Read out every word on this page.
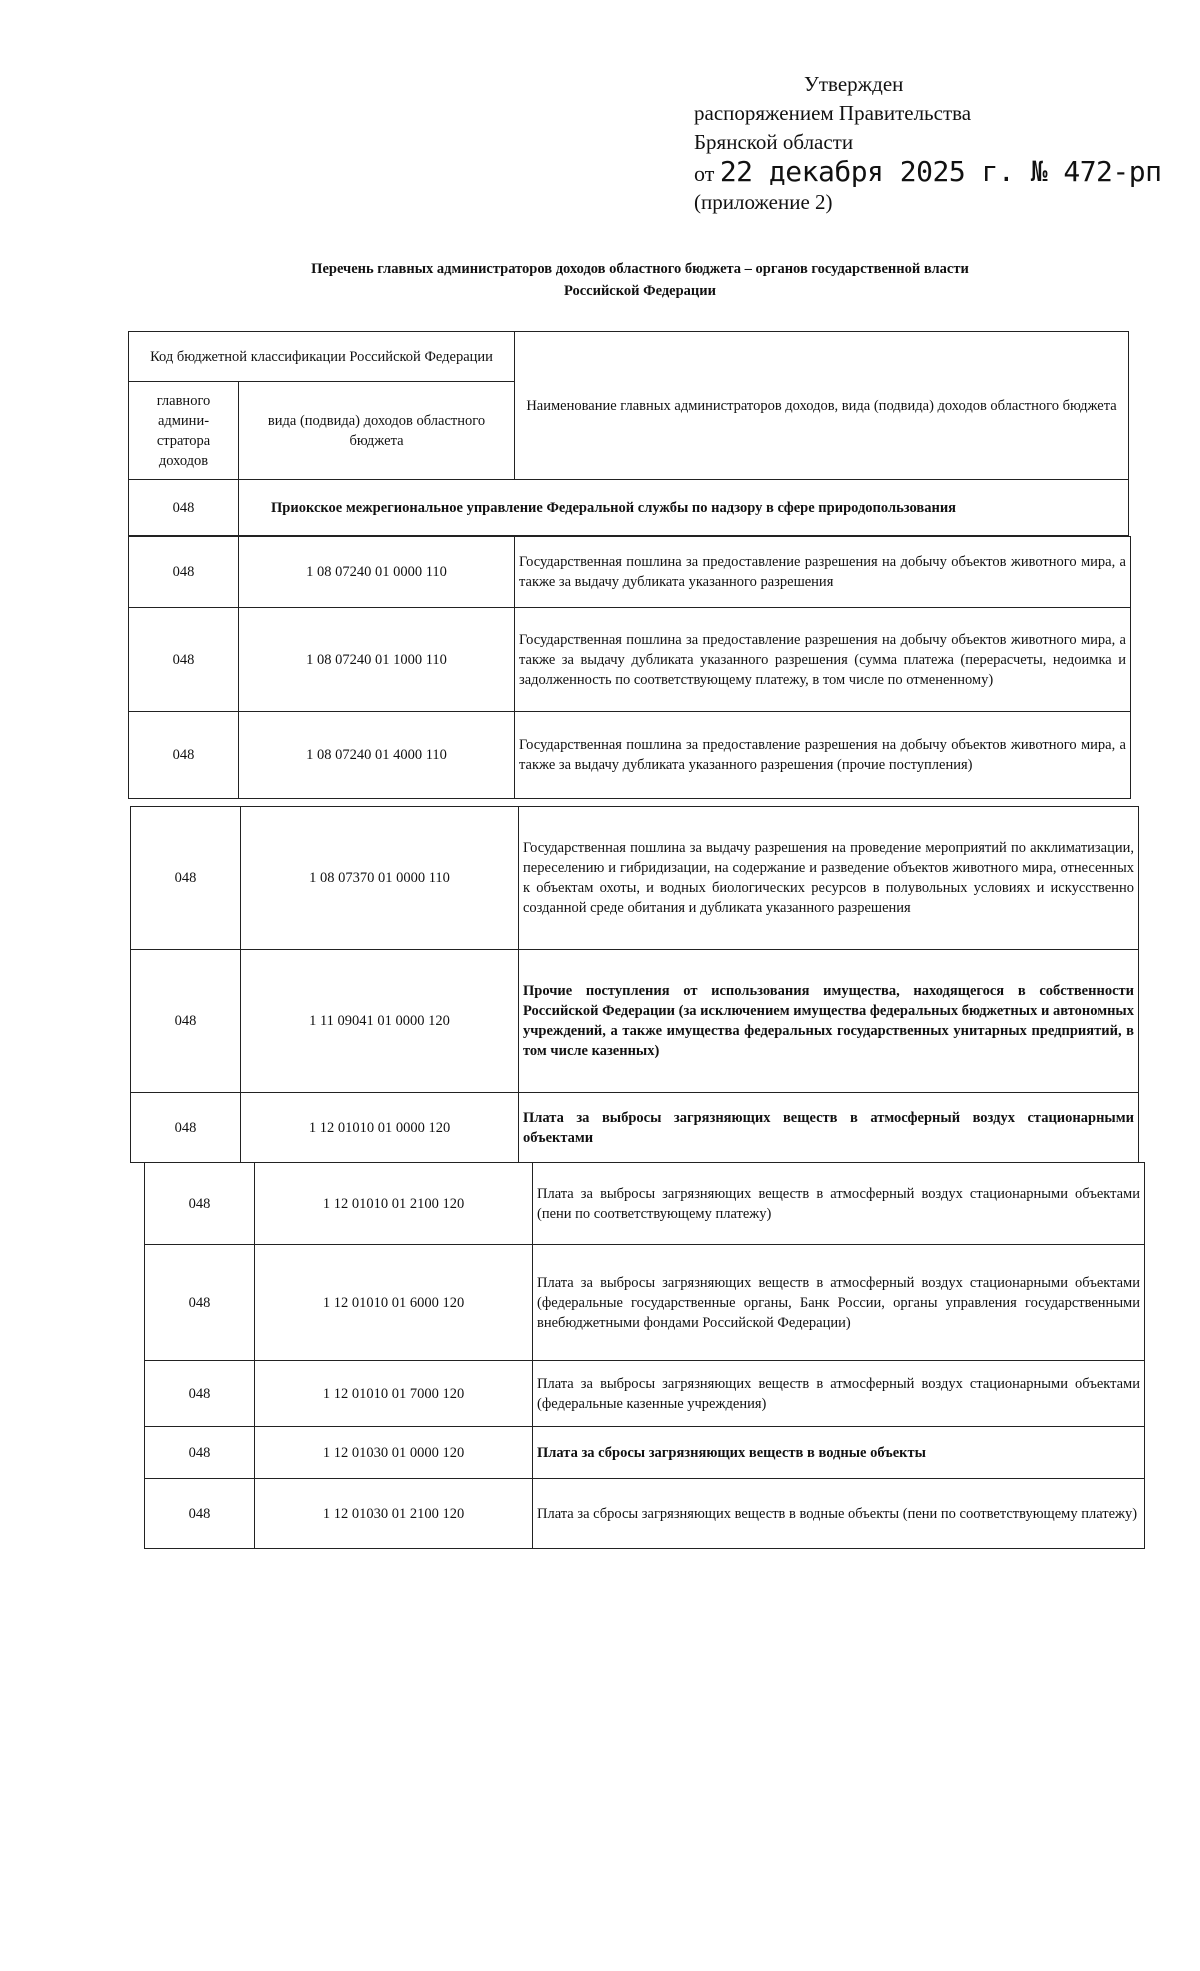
Утвержден
распоряжением Правительства
Брянской области
от 22 декабря 2025 г. № 472-рп
(приложение 2)
Перечень главных администраторов доходов областного бюджета – органов государственной власти
Российской Федерации
Код бюджетной классификации Российской Федерации		Наименование главных администраторов доходов, вида (подвида) доходов областного бюджета
главного админи-стратора доходов	вида (подвида) доходов областного бюджета	
048	Приокское межрегиональное управление Федеральной службы по надзору в сфере природопользования	
048	1 08 07240 01 0000 110	Государственная пошлина за предоставление разрешения на добычу объектов животного мира, а также за выдачу дубликата указанного разрешения
048	1 08 07240 01 1000 110	Государственная пошлина за предоставление разрешения на добычу объектов животного мира, а также за выдачу дубликата указанного разрешения (сумма платежа (перерасчеты, недоимка и задолженность по соответствующему платежу, в том числе по отмененному)
048	1 08 07240 01 4000 110	Государственная пошлина за предоставление разрешения на добычу объектов животного мира, а также за выдачу дубликата указанного разрешения (прочие поступления)
048	1 08 07370 01 0000 110	Государственная пошлина за выдачу разрешения на проведение мероприятий по акклиматизации, переселению и гибридизации, на содержание и разведение объектов животного мира, отнесенных к объектам охоты, и водных биологических ресурсов в полувольных условиях и искусственно созданной среде обитания и дубликата указанного разрешения
048	1 11 09041 01 0000 120	Прочие поступления от использования имущества, находящегося в собственности Российской Федерации (за исключением имущества федеральных бюджетных и автономных учреждений, а также имущества федеральных государственных унитарных предприятий, в том числе казенных)
048	1 12 01010 01 0000 120	Плата за выбросы загрязняющих веществ в атмосферный воздух стационарными объектами
048	1 12 01010 01 2100 120	Плата за выбросы загрязняющих веществ в атмосферный воздух стационарными объектами (пени по соответствующему платежу)
048	1 12 01010 01 6000 120	Плата за выбросы загрязняющих веществ в атмосферный воздух стационарными объектами (федеральные государственные органы, Банк России, органы управления государственными внебюджетными фондами Российской Федерации)
048	1 12 01010 01 7000 120	Плата за выбросы загрязняющих веществ в атмосферный воздух стационарными объектами (федеральные казенные учреждения)
048	1 12 01030 01 0000 120	Плата за сбросы загрязняющих веществ в водные объекты
048	1 12 01030 01 2100 120	Плата за сбросы загрязняющих веществ в водные объекты (пени по соответствующему платежу)
